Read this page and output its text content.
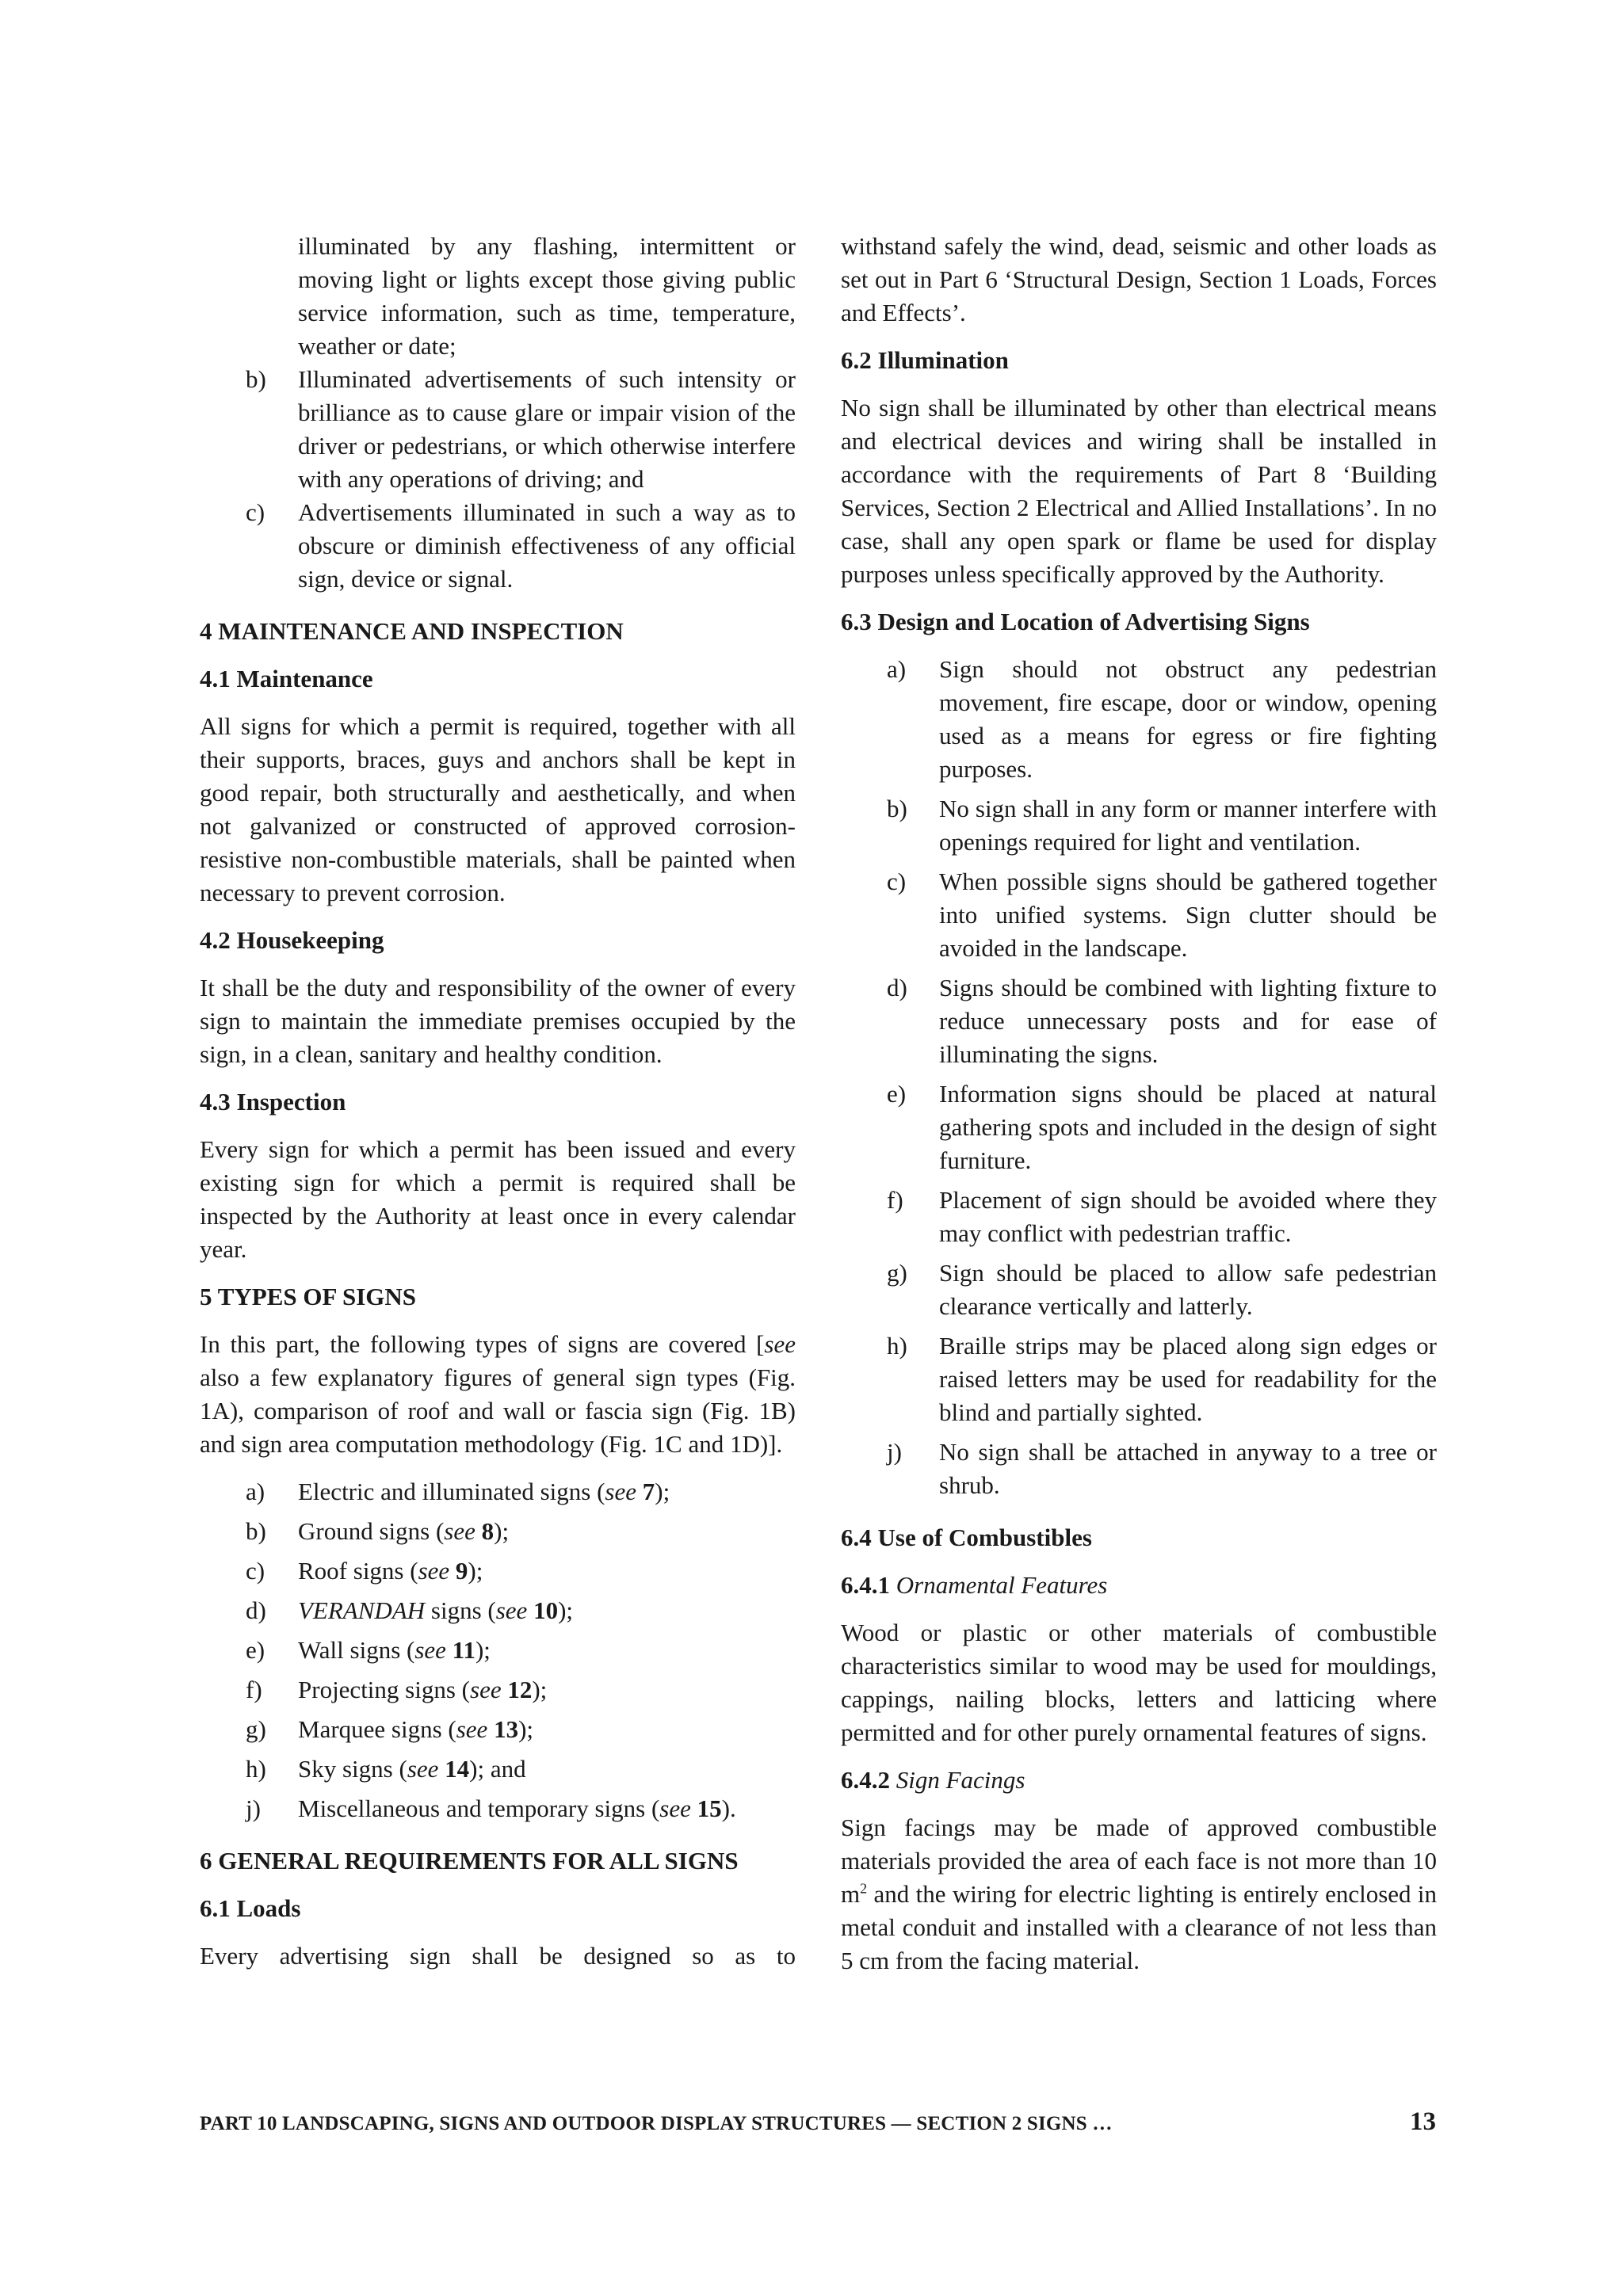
illuminated by any flashing, intermittent or moving light or lights except those giving public service information, such as time, temperature, weather or date;

b)	Illuminated advertisements of such intensity or brilliance as to cause glare or impair vision of the driver or pedestrians, or which otherwise interfere with any operations of driving; and
c)	Advertisements illuminated in such a way as to obscure or diminish effectiveness of any official sign, device or signal.
4 MAINTENANCE AND INSPECTION
4.1 Maintenance

All signs for which a permit is required, together with all their supports, braces, guys and anchors shall be kept in good repair, both structurally and aesthetically, and when not galvanized or constructed of approved corrosion-resistive non-combustible materials, shall be painted when necessary to prevent corrosion.

4.2 Housekeeping

It shall be the duty and responsibility of the owner of every sign to maintain the immediate premises occupied by the sign, in a clean, sanitary and healthy condition.

4.3 Inspection

Every sign for which a permit has been issued and every existing sign for which a permit is required shall be inspected by the Authority at least once in every calendar year.

5 TYPES OF SIGNS

In this part, the following types of signs are covered [see also a few explanatory figures of general sign types (Fig. 1A), comparison of roof and wall or fascia sign (Fig. 1B) and sign area computation methodology (Fig. 1C and 1D)].

a)	Electric and illuminated signs (see 7);
b)	Ground signs (see 8);
c)	Roof signs (see 9);
d)	VERANDAH signs (see 10);
e)	Wall signs (see 11);
f)	Projecting signs (see 12);
g)	Marquee signs (see 13);
h)	Sky signs (see 14); and
j)	Miscellaneous and temporary signs (see 15).
6 GENERAL REQUIREMENTS FOR ALL SIGNS
6.1 Loads

Every advertising sign shall be designed so as to

withstand safely the wind, dead, seismic and other loads as set out in Part 6 ‘Structural Design, Section 1 Loads, Forces and Effects’.

6.2 Illumination

No sign shall be illuminated by other than electrical means and electrical devices and wiring shall be installed in accordance with the requirements of Part 8 ‘Building Services, Section 2 Electrical and Allied Installations’. In no case, shall any open spark or flame be used for display purposes unless specifically approved by the Authority.

6.3 Design and Location of Advertising Signs
a)	Sign should not obstruct any pedestrian movement, fire escape, door or window, opening used as a means for egress or fire fighting purposes.
b)	No sign shall in any form or manner interfere with openings required for light and ventilation.
c)	When possible signs should be gathered together into unified systems. Sign clutter should be avoided in the landscape.
d)	Signs should be combined with lighting fixture to reduce unnecessary posts and for ease of illuminating the signs.
e)	Information signs should be placed at natural gathering spots and included in the design of sight furniture.
f)	Placement of sign should be avoided where they may conflict with pedestrian traffic.
g)	Sign should be placed to allow safe pedestrian clearance vertically and latterly.
h)	Braille strips may be placed along sign edges or raised letters may be used for readability for the blind and partially sighted.
j)	No sign shall be attached in anyway to a tree or shrub.
6.4 Use of Combustibles
6.4.1 Ornamental Features

Wood or plastic or other materials of combustible characteristics similar to wood may be used for mouldings, cappings, nailing blocks, letters and latticing where permitted and for other purely ornamental features of signs.

6.4.2 Sign Facings

Sign facings may be made of approved combustible materials provided the area of each face is not more than 10 $m^2$ and the wiring for electric lighting is entirely enclosed in metal conduit and installed with a clearance of not less than 5 cm from the facing material.

PART 10 LANDSCAPING, SIGNS AND OUTDOOR DISPLAY STRUCTURES — SECTION 2 SIGNS …	13
